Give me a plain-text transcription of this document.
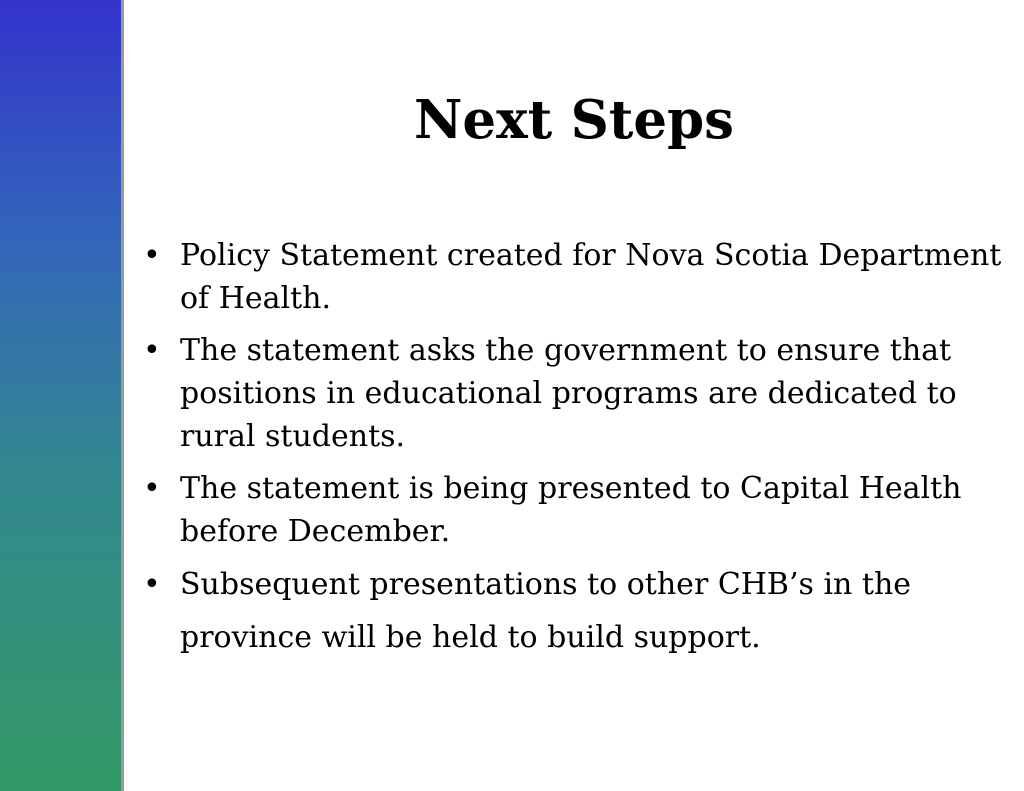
Next Steps
• Policy Statement created for Nova Scotia Department of Health.
• The statement asks the government to ensure that positions in educational programs are dedicated to rural students.
• The statement is being presented to Capital Health before December.
• Subsequent presentations to other CHB’s in the province will be held to build support.
